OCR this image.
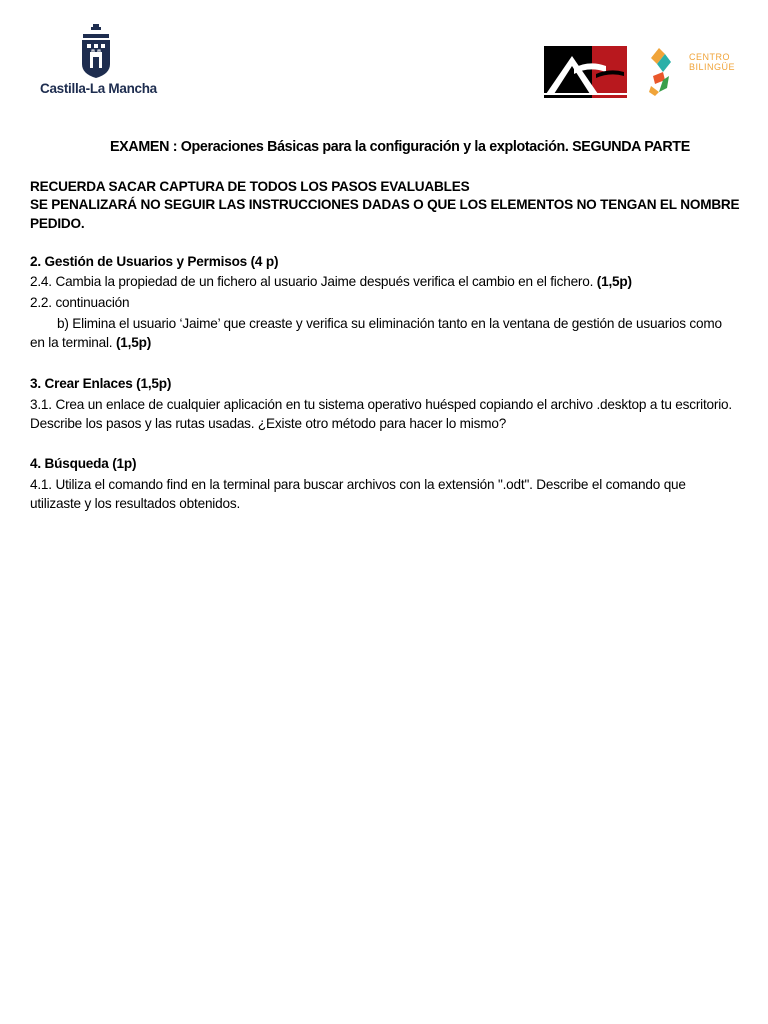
Castilla-La Mancha
CENTRO
BILINGÜE
EXAMEN : Operaciones Básicas para la configuración y la explotación. SEGUNDA PARTE
RECUERDA SACAR CAPTURA DE TODOS LOS PASOS EVALUABLES
SE PENALIZARÁ NO SEGUIR LAS INSTRUCCIONES DADAS O QUE LOS ELEMENTOS NO TENGAN EL NOMBRE PEDIDO.
2. Gestión de Usuarios y Permisos (4 p)
2.4. Cambia la propiedad de un fichero al usuario Jaime después verifica el cambio en el fichero. (1,5p)
2.2. continuación
b) Elimina el usuario ‘Jaime’ que creaste y verifica su eliminación tanto en la ventana de gestión de usuarios como en la terminal. (1,5p)
3. Crear Enlaces (1,5p)
3.1. Crea un enlace de cualquier aplicación en tu sistema operativo huésped copiando el archivo .desktop a tu escritorio. Describe los pasos y las rutas usadas. ¿Existe otro método para hacer lo mismo?
4. Búsqueda (1p)
4.1. Utiliza el comando find en la terminal para buscar archivos con la extensión ".odt". Describe el comando que utilizaste y los resultados obtenidos.
